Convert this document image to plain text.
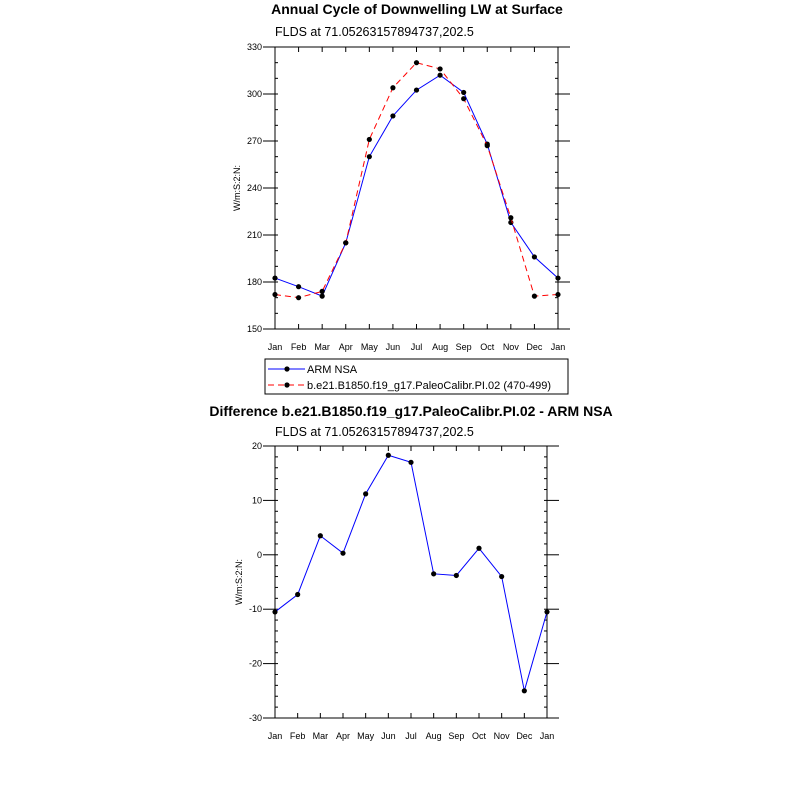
Annual Cycle of Downwelling LW at Surface
FLDS at 71.05263157894737,202.5
W/m:S:2:N:
Jan Feb Mar Apr May Jun Jul Aug Sep Oct Nov Dec Jan
150
180
210
240
270
300
330
ARM NSA
b.e21.B1850.f19_g17.PaleoCalibr.PI.02 (470-499)
Difference b.e21.B1850.f19_g17.PaleoCalibr.PI.02 - ARM NSA
FLDS at 71.05263157894737,202.5
W/m:S:2:N:
Jan Feb Mar Apr May Jun Jul Aug Sep Oct Nov Dec Jan
-30
-20
-10
0
10
20
